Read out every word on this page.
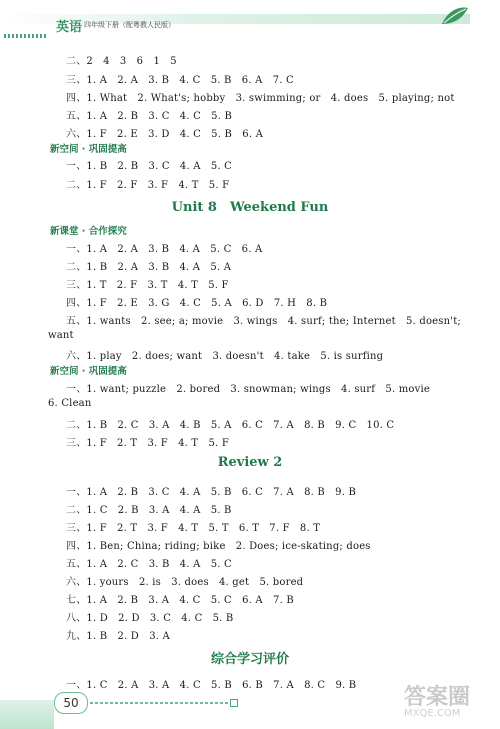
英语 四年级下册（配粤教人民版）
二、2　4　3　6　1　5
三、1. A　2. A　3. B　4. C　5. B　6. A　7. C
四、1. What　2. What's; hobby　3. swimming; or　4. does　5. playing; not
五、1. A　2. B　3. C　4. C　5. B
六、1. F　2. E　3. D　4. C　5. B　6. A
一、1. B　2. B　3. C　4. A　5. C
二、1. F　2. F　3. F　4. T　5. F
一、1. A　2. A　3. B　4. A　5. C　6. A
二、1. B　2. A　3. B　4. A　5. A
三、1. T　2. F　3. T　4. T　5. F
四、1. F　2. E　3. G　4. C　5. A　6. D　7. H　8. B
五、1. wants　2. see; a; movie　3. wings　4. surf; the; Internet　5. doesn't;
want
六、1. play　2. does; want　3. doesn't　4. take　5. is surfing
一、1. want; puzzle　2. bored　3. snowman; wings　4. surf　5. movie
6. Clean
二、1. B　2. C　3. A　4. B　5. A　6. C　7. A　8. B　9. C　10. C
三、1. F　2. T　3. F　4. T　5. F
一、1. A　2. B　3. C　4. A　5. B　6. C　7. A　8. B　9. B
二、1. C　2. B　3. A　4. A　5. B
三、1. F　2. T　3. F　4. T　5. T　6. T　7. F　8. T
四、1. Ben; China; riding; bike　2. Does; ice-skating; does
五、1. A　2. C　3. B　4. A　5. C
六、1. yours　2. is　3. does　4. get　5. bored
七、1. A　2. B　3. A　4. C　5. C　6. A　7. B
八、1. D　2. D　3. C　4. C　5. B
九、1. B　2. D　3. A
一、1. C　2. A　3. A　4. C　5. B　6. B　7. A　8. C　9. B
新空间 · 巩固提高
新课堂 · 合作探究
新空间 · 巩固提高
Unit 8　Weekend Fun
Review 2
综合学习评价
50	答案圈
MXQE.COM
